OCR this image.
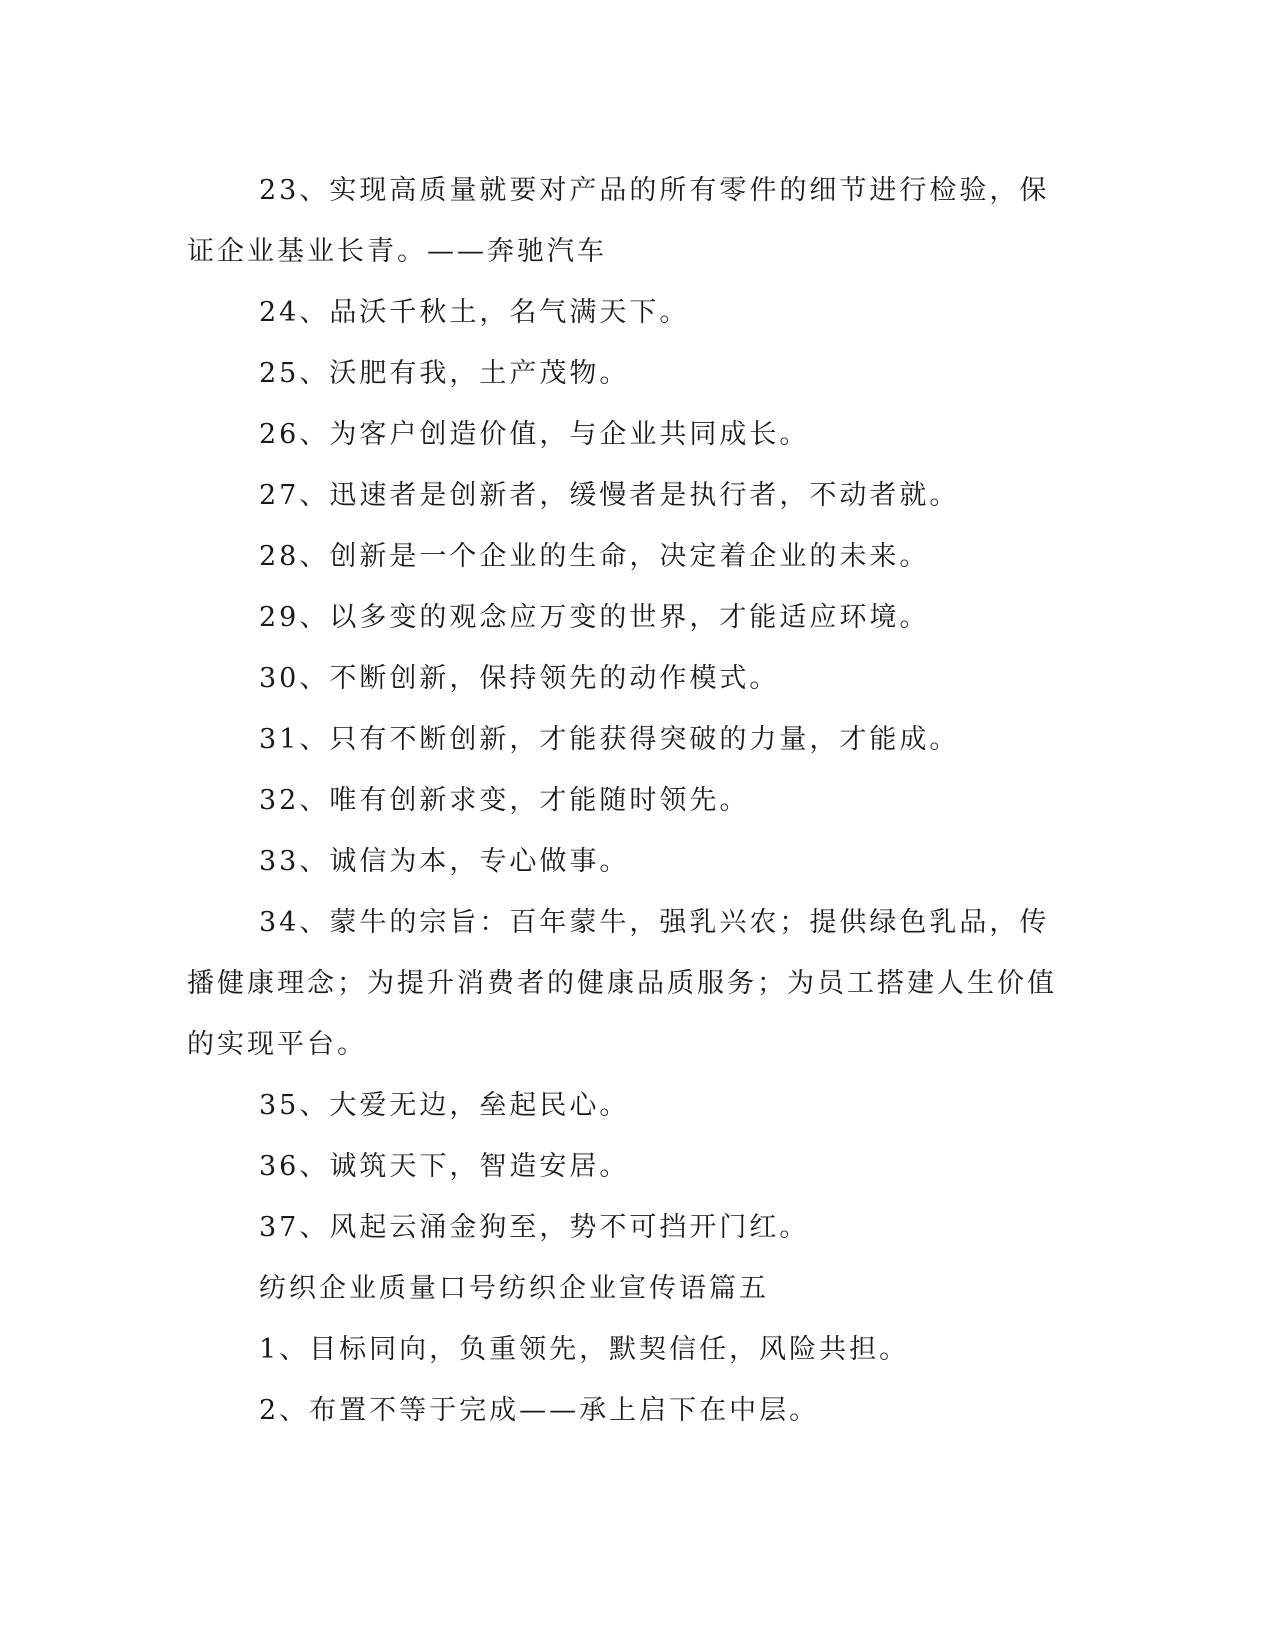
23、实现高质量就要对产品的所有零件的细节进行检验，保证企业基业长青。——奔驰汽车

24、品沃千秋土，名气满天下。

25、沃肥有我，土产茂物。

26、为客户创造价值，与企业共同成长。

27、迅速者是创新者，缓慢者是执行者，不动者就。

28、创新是一个企业的生命，决定着企业的未来。

29、以多变的观念应万变的世界，才能适应环境。

30、不断创新，保持领先的动作模式。

31、只有不断创新，才能获得突破的力量，才能成。

32、唯有创新求变，才能随时领先。

33、诚信为本，专心做事。

34、蒙牛的宗旨：百年蒙牛，强乳兴农；提供绿色乳品，传播健康理念；为提升消费者的健康品质服务；为员工搭建人生价值的实现平台。

35、大爱无边，垒起民心。

36、诚筑天下，智造安居。

37、风起云涌金狗至，势不可挡开门红。

纺织企业质量口号纺织企业宣传语篇五

1、目标同向，负重领先，默契信任，风险共担。

2、布置不等于完成——承上启下在中层。
